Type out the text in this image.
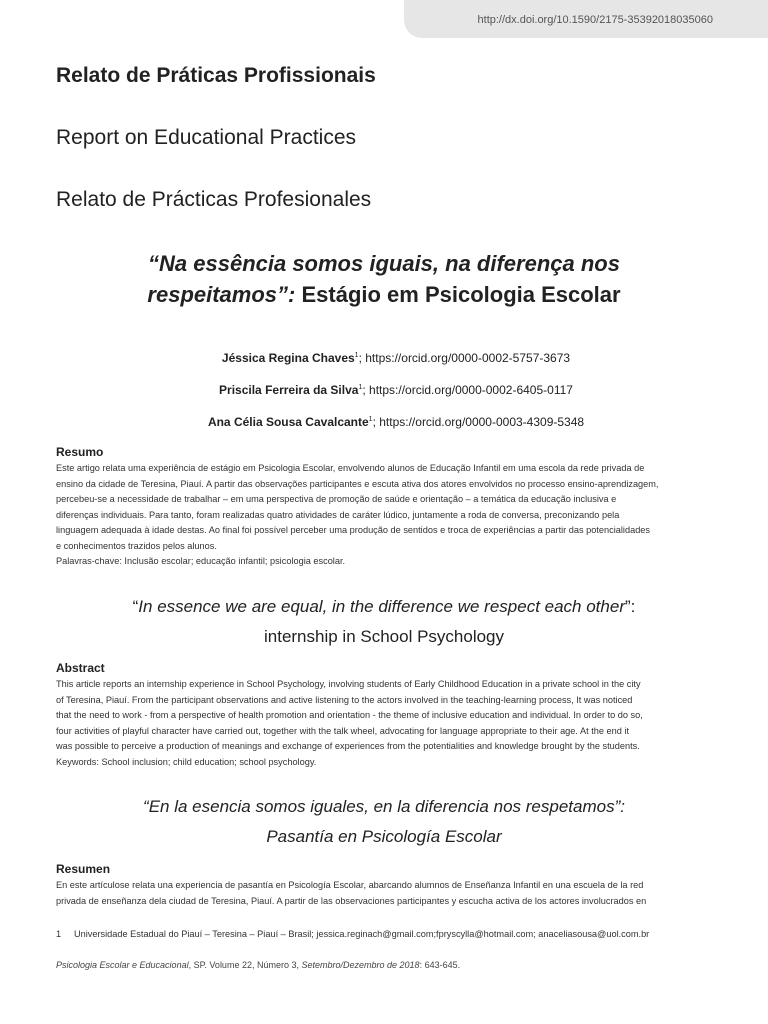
http://dx.doi.org/10.1590/2175-35392018035060
Relato de Práticas Profissionais
Report on Educational Practices
Relato de Prácticas Profesionales
“Na essência somos iguais, na diferença nos
respeitamos”: Estágio em Psicologia Escolar
Jéssica Regina Chaves$^1$; https://orcid.org/0000-0002-5757-3673
Priscila Ferreira da Silva$^1$; https://orcid.org/0000-0002-6405-0117
Ana Célia Sousa Cavalcante$^1$; https://orcid.org/0000-0003-4309-5348
Resumo
Este artigo relata uma experiência de estágio em Psicologia Escolar, envolvendo alunos de Educação Infantil em uma escola da rede privada de
ensino da cidade de Teresina, Piauí. A partir das observações participantes e escuta ativa dos atores envolvidos no processo ensino-aprendizagem,
percebeu-se a necessidade de trabalhar – em uma perspectiva de promoção de saúde e orientação – a temática da educação inclusiva e
diferenças individuais. Para tanto, foram realizadas quatro atividades de caráter lúdico, juntamente a roda de conversa, preconizando pela
linguagem adequada à idade destas. Ao final foi possível perceber uma produção de sentidos e troca de experiências a partir das potencialidades
e conhecimentos trazidos pelos alunos.
Palavras-chave: Inclusão escolar; educação infantil; psicologia escolar.
“In essence we are equal, in the difference we respect each other”:
internship in School Psychology
Abstract
This article reports an internship experience in School Psychology, involving students of Early Childhood Education in a private school in the city
of Teresina, Piauí. From the participant observations and active listening to the actors involved in the teaching-learning process, It was noticed
that the need to work - from a perspective of health promotion and orientation - the theme of inclusive education and individual. In order to do so,
four activities of playful character have carried out, together with the talk wheel, advocating for language appropriate to their age. At the end it
was possible to perceive a production of meanings and exchange of experiences from the potentialities and knowledge brought by the students.
Keywords: School inclusion; child education; school psychology.
“En la esencia somos iguales, en la diferencia nos respetamos”:
Pasantía en Psicología Escolar
Resumen
En este artículose relata una experiencia de pasantía en Psicología Escolar, abarcando alumnos de Enseñanza Infantil en una escuela de la red
privada de enseñanza dela ciudad de Teresina, Piauí. A partir de las observaciones participantes y escucha activa de los actores involucrados en
1 Universidade Estadual do Piauí – Teresina – Piauí – Brasil; jessica.reginach@gmail.com;fpryscylla@hotmail.com; anaceliasousa@uol.com.br
Psicologia Escolar e Educacional, SP. Volume 22, Número 3, Setembro/Dezembro de 2018: 643-645.
